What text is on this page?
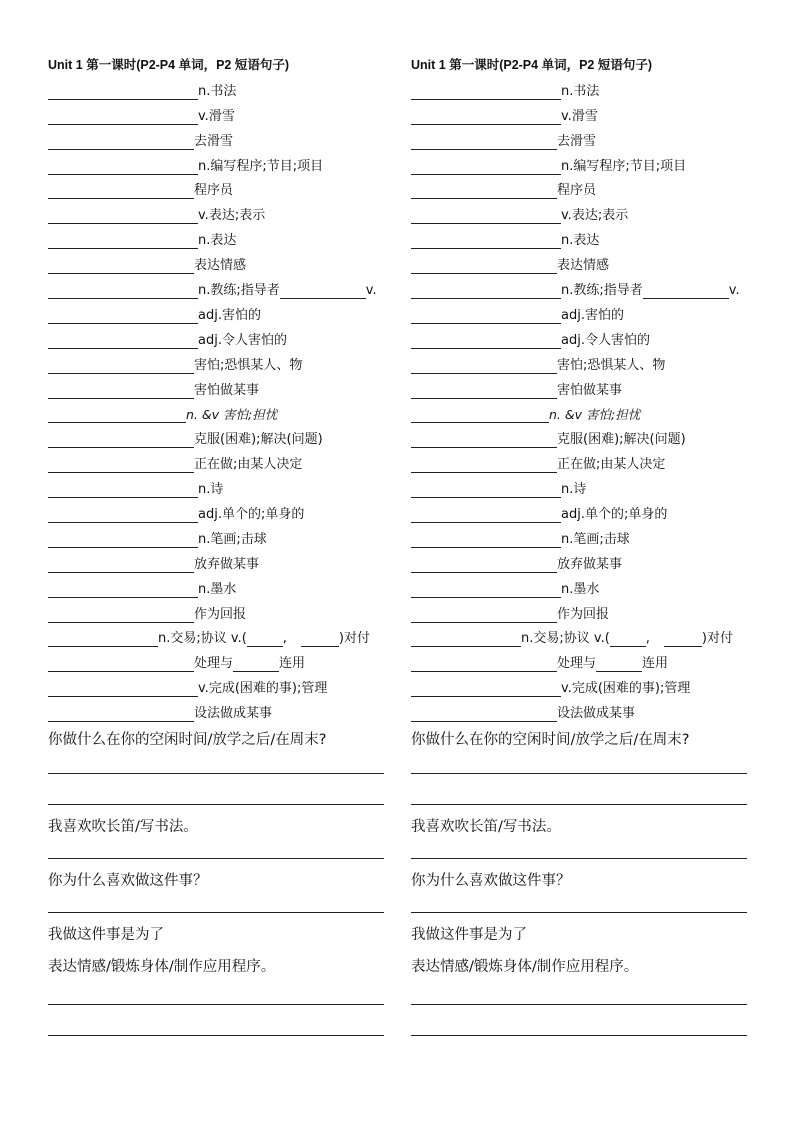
Unit 1 第一课时(P2-P4 单词，P2 短语句子)
n.书法
v.滑雪
去滑雪
n.编写程序;节目;项目
程序员
v.表达;表示
n.表达
表达情感
n.教练;指导者	v.
adj.害怕的
adj.令人害怕的
害怕;恐惧某人、物
害怕做某事
n. &v 害怕;担忧
克服(困难);解决(问题)
正在做;由某人决定
n.诗
adj.单个的;单身的
n.笔画;击球
放弃做某事
n.墨水
作为回报
n.交易;协议 v.(	,	)对付
处理与	连用
v.完成(困难的事);管理
设法做成某事
你做什么在你的空闲时间/放学之后/在周末?
我喜欢吹长笛/写书法。
你为什么喜欢做这件事？
我做这件事是为了
表达情感/锻炼身体/制作应用程序。
Unit 1 第一课时(P2-P4 单词，P2 短语句子)
n.书法
v.滑雪
去滑雪
n.编写程序;节目;项目
程序员
v.表达;表示
n.表达
表达情感
n.教练;指导者	v.
adj.害怕的
adj.令人害怕的
害怕;恐惧某人、物
害怕做某事
n. &v 害怕;担忧
克服(困难);解决(问题)
正在做;由某人决定
n.诗
adj.单个的;单身的
n.笔画;击球
放弃做某事
n.墨水
作为回报
n.交易;协议 v.(	,	)对付
处理与	连用
v.完成(困难的事);管理
设法做成某事
你做什么在你的空闲时间/放学之后/在周末?
我喜欢吹长笛/写书法。
你为什么喜欢做这件事？
我做这件事是为了
表达情感/锻炼身体/制作应用程序。
